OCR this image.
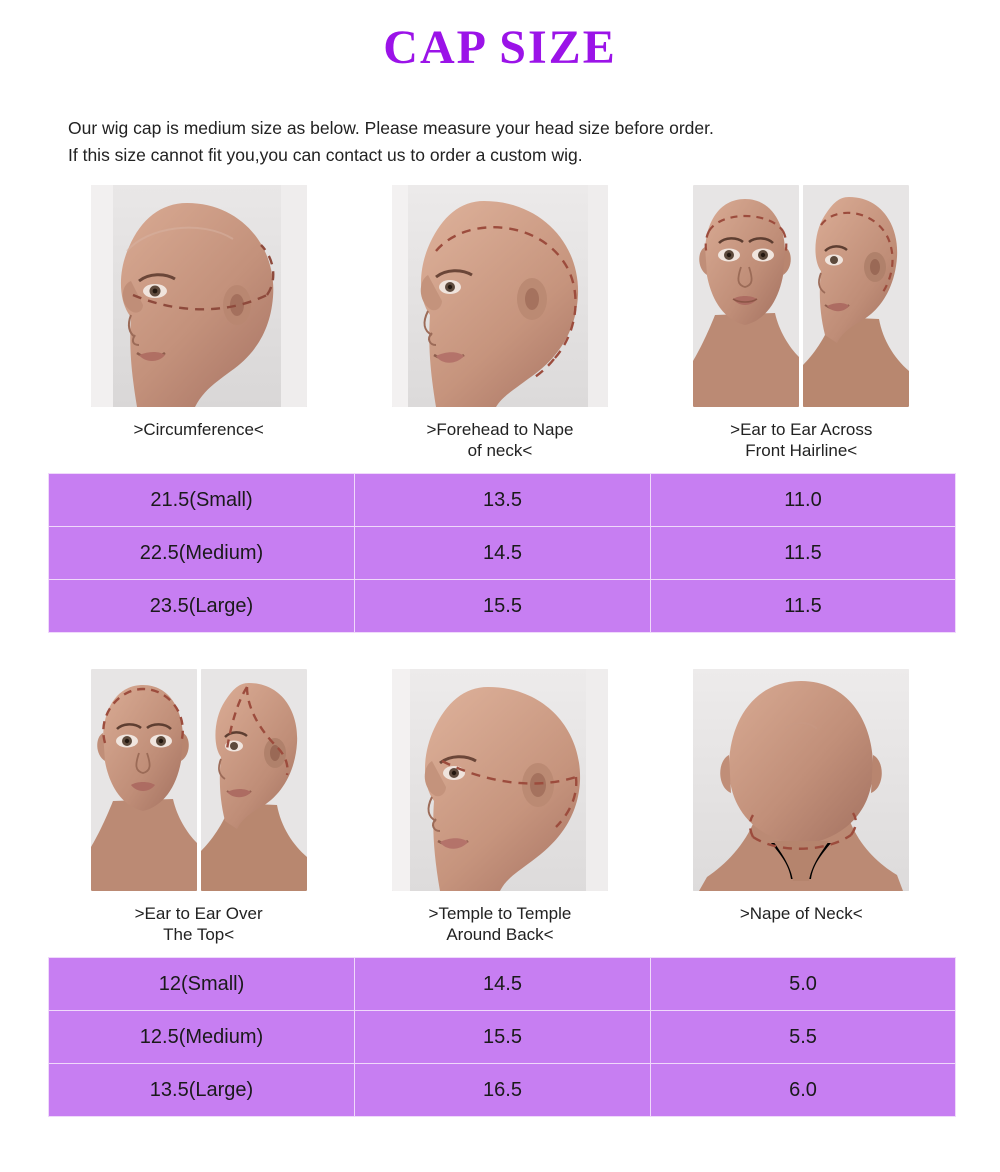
CAP SIZE
Our wig cap is medium size as below. Please measure your head size before order.
If this size cannot fit you,you can contact us to order a custom wig.
>Circumference<	>Forehead to Nape
of neck<
>Ear to Ear Across
Front Hairline<
21.5(Small)	13.5	11.0
22.5(Medium)	14.5	11.5
23.5(Large)	15.5	11.5
>Ear to Ear Over
The Top<
>Temple to Temple
Around Back<
>Nape of Neck<
12(Small)	14.5	5.0
12.5(Medium)	15.5	5.5
13.5(Large)	16.5	6.0
